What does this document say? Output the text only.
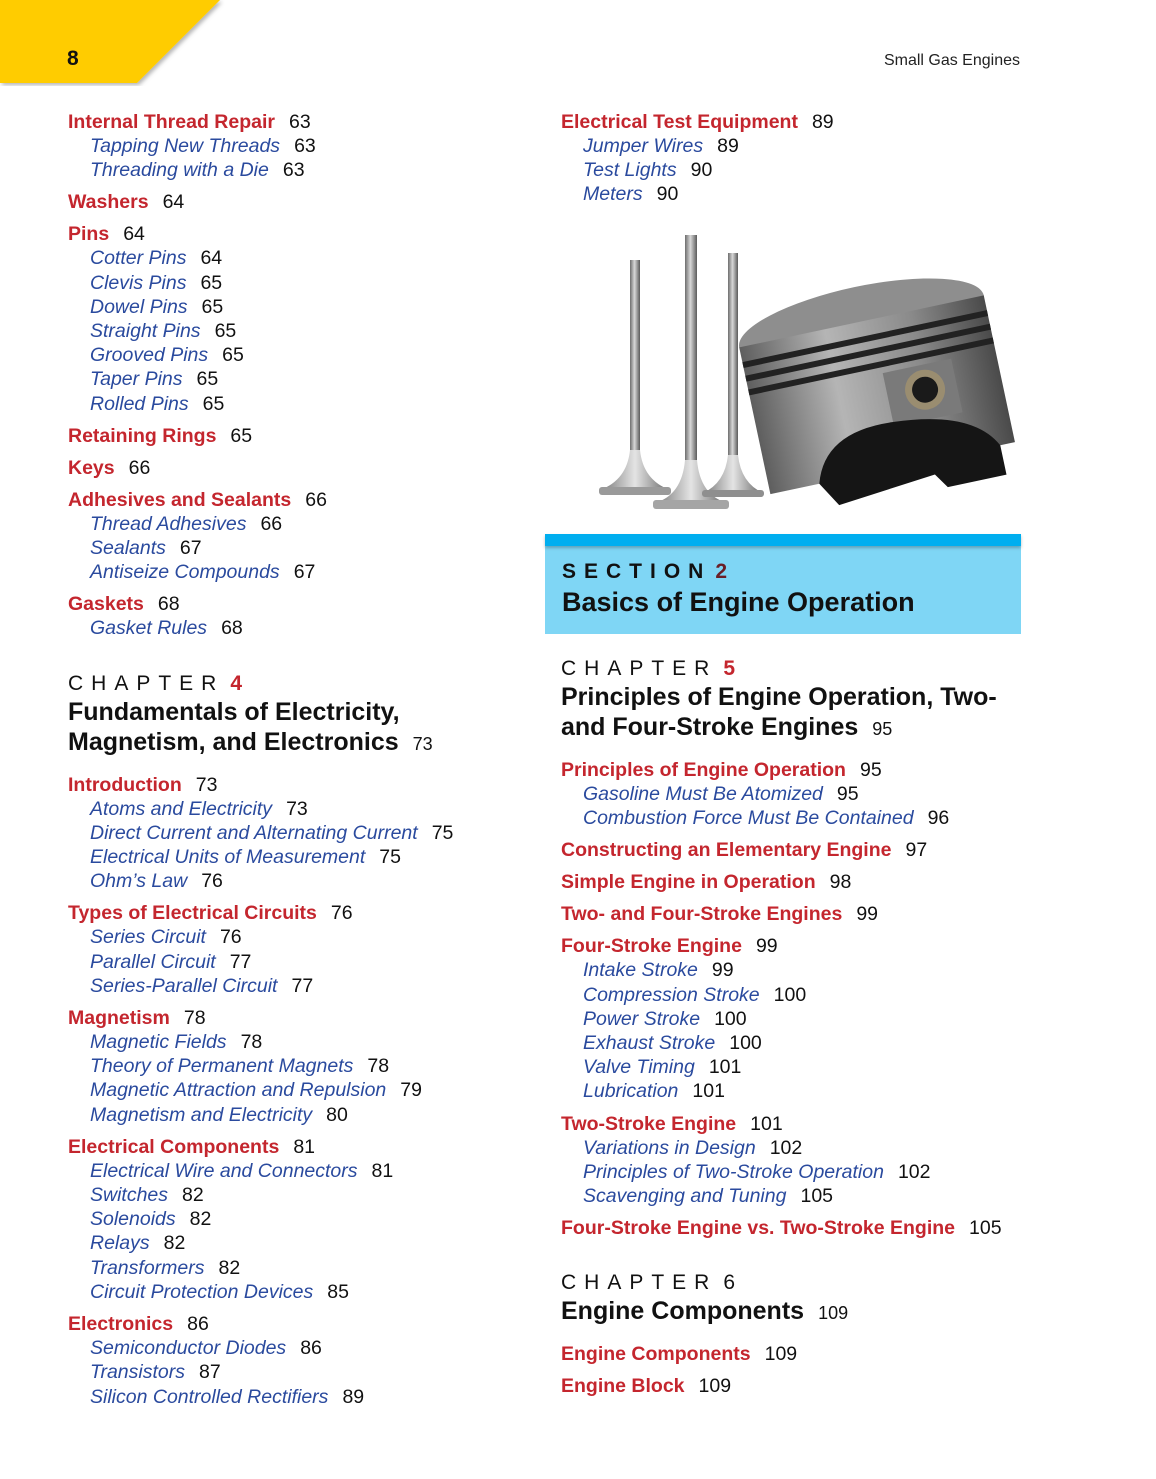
8	Small Gas Engines
Internal Thread Repair 63
Tapping New Threads 63
Threading with a Die 63
Washers 64
Pins 64
Cotter Pins 64
Clevis Pins 65
Dowel Pins 65
Straight Pins 65
Grooved Pins 65
Taper Pins 65
Rolled Pins 65
Retaining Rings 65
Keys 66
Adhesives and Sealants 66
Thread Adhesives 66
Sealants 67
Antiseize Compounds 67
Gaskets 68
Gasket Rules 68
CHAPTER 4
Fundamentals of Electricity,
Magnetism, and Electronics 73
Introduction 73
Atoms and Electricity 73
Direct Current and Alternating Current 75
Electrical Units of Measurement 75
Ohm’s Law 76
Types of Electrical Circuits 76
Series Circuit 76
Parallel Circuit 77
Series-Parallel Circuit 77
Magnetism 78
Magnetic Fields 78
Theory of Permanent Magnets 78
Magnetic Attraction and Repulsion 79
Magnetism and Electricity 80
Electrical Components 81
Electrical Wire and Connectors 81
Switches 82
Solenoids 82
Relays 82
Transformers 82
Circuit Protection Devices 85
Electronics 86
Semiconductor Diodes 86
Transistors 87
Silicon Controlled Rectifiers 89
Electrical Test Equipment 89
Jumper Wires 89
Test Lights 90
Meters 90
SECTION 2
Basics of Engine Operation
CHAPTER 5
Principles of Engine Operation, Two-
and Four-Stroke Engines 95
Principles of Engine Operation 95
Gasoline Must Be Atomized 95
Combustion Force Must Be Contained 96
Constructing an Elementary Engine 97
Simple Engine in Operation 98
Two- and Four-Stroke Engines 99
Four-Stroke Engine 99
Intake Stroke 99
Compression Stroke 100
Power Stroke 100
Exhaust Stroke 100
Valve Timing 101
Lubrication 101
Two-Stroke Engine 101
Variations in Design 102
Principles of Two-Stroke Operation 102
Scavenging and Tuning 105
Four-Stroke Engine vs. Two-Stroke Engine 105
CHAPTER 6
Engine Components 109
Engine Components 109
Engine Block 109
